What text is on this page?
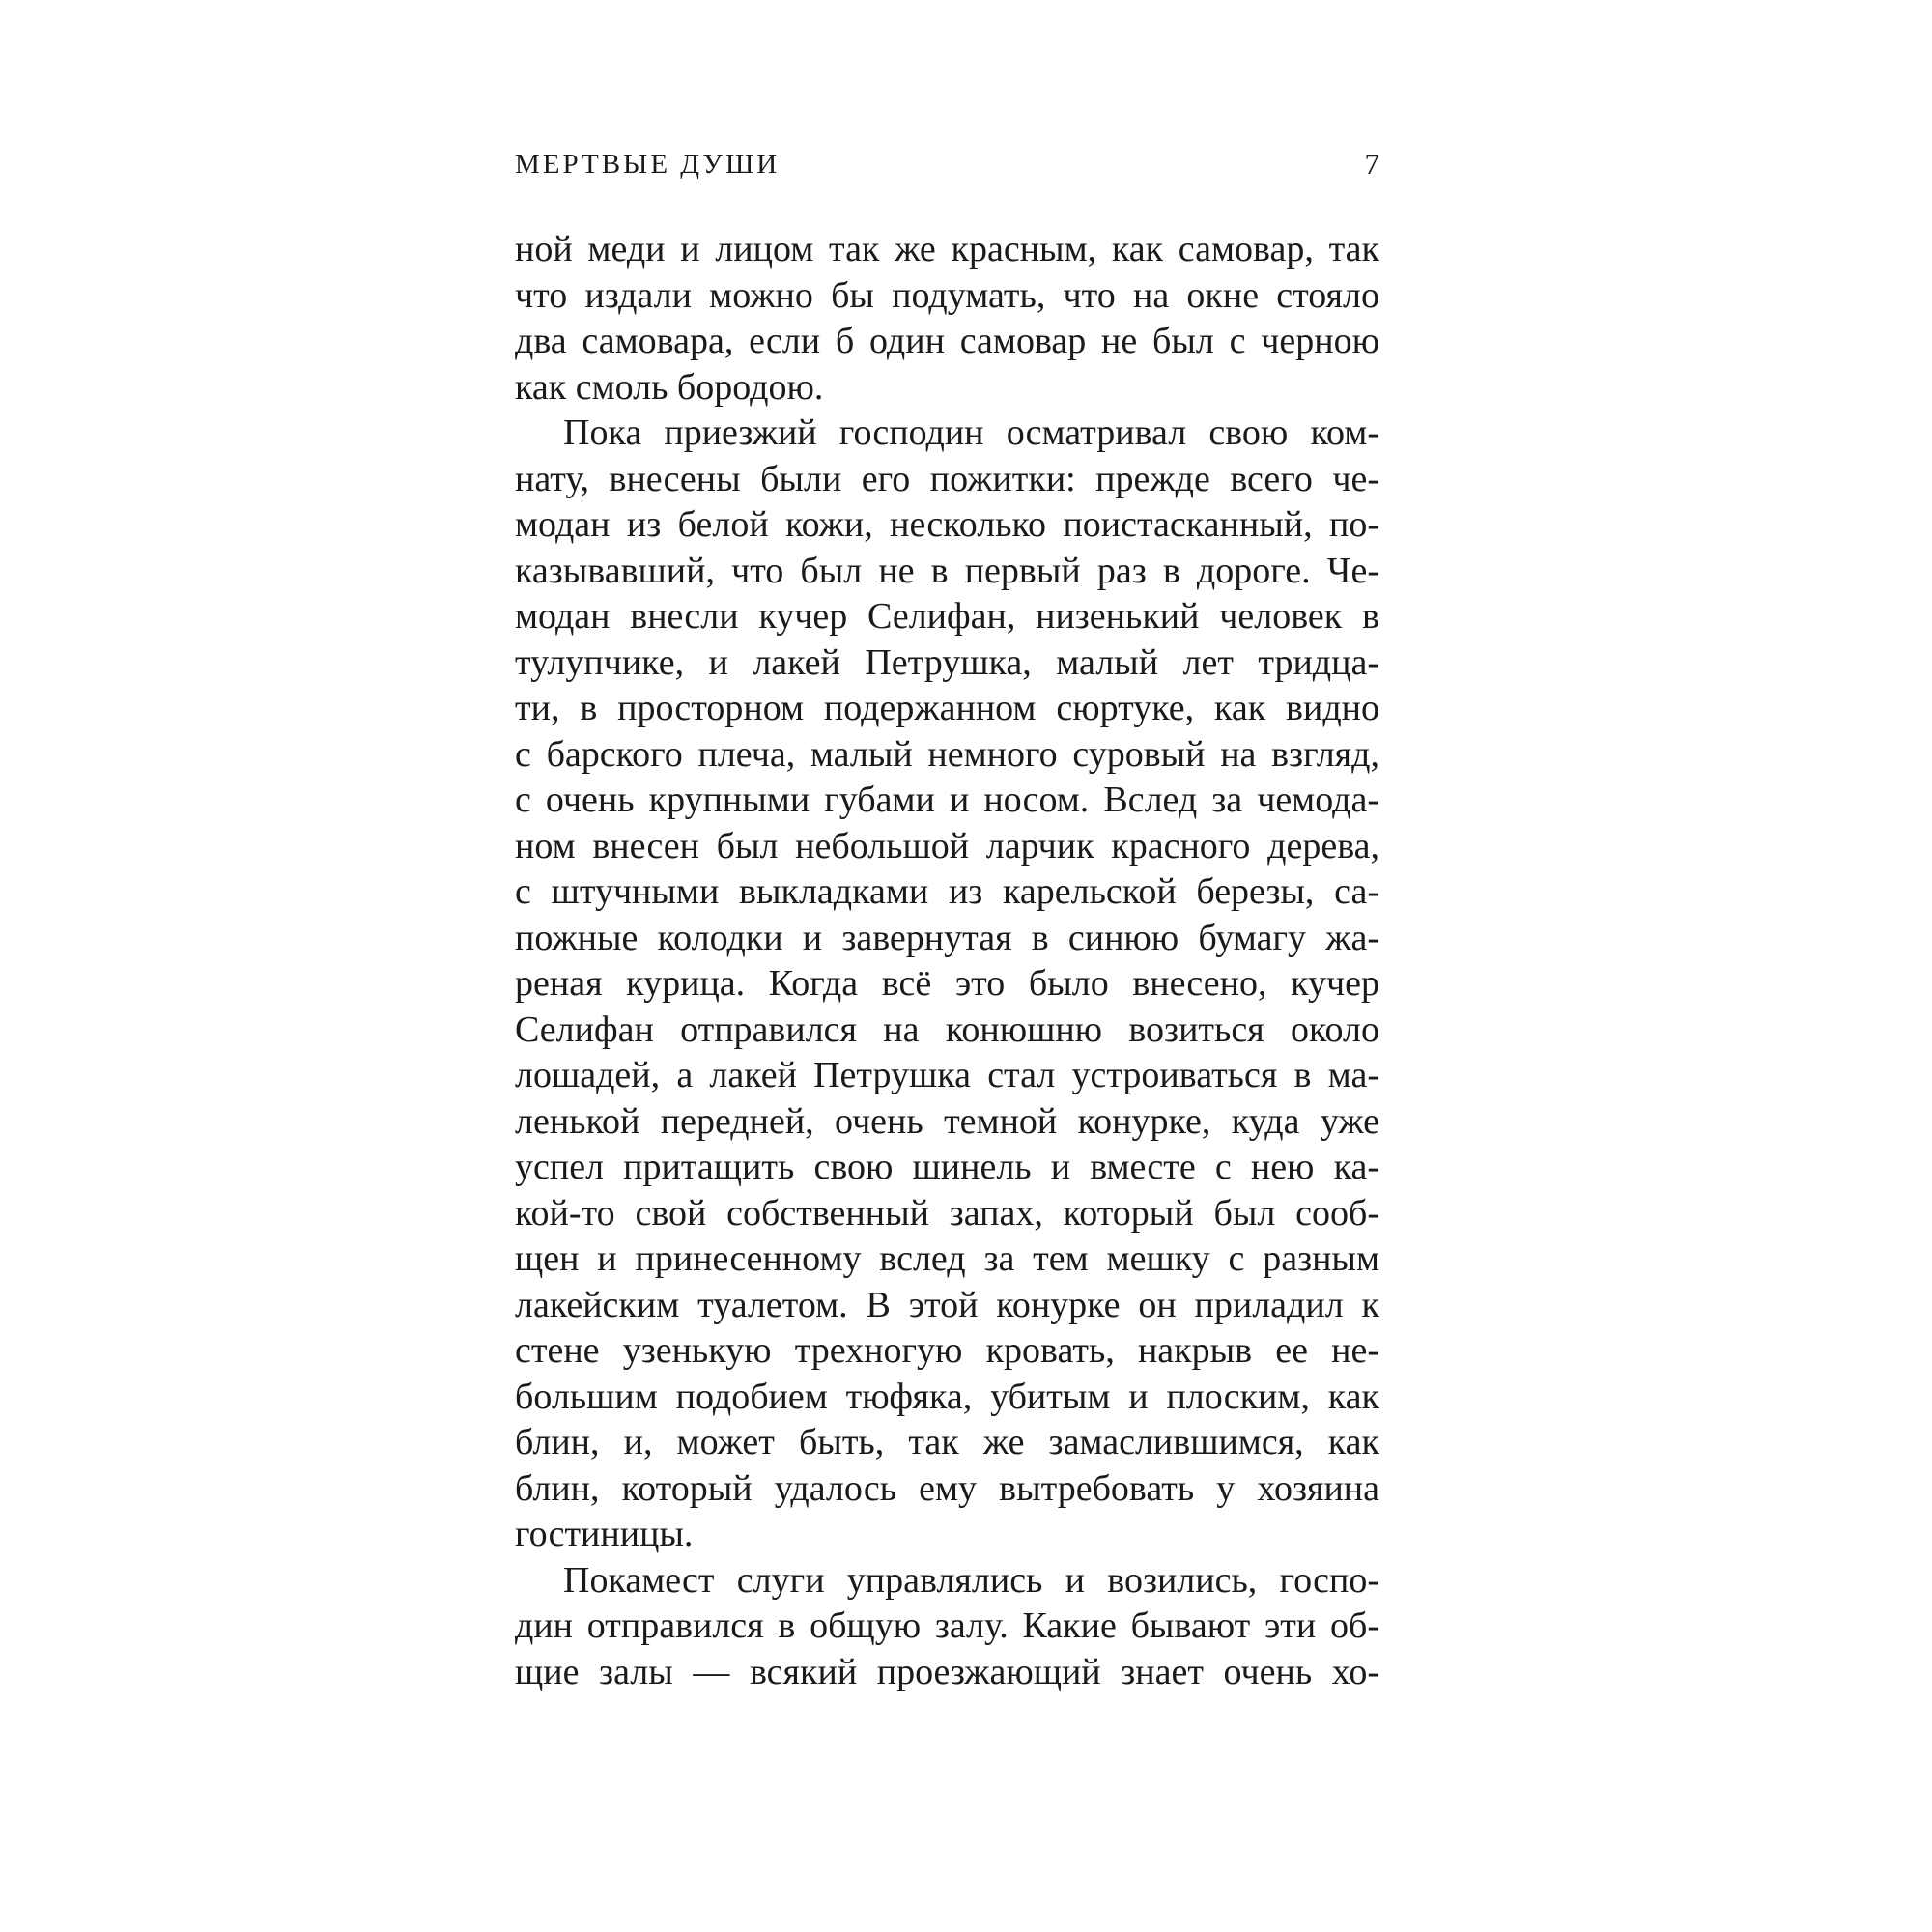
МЕРТВЫЕ ДУШИ	7
ной меди и лицом так же красным, как самовар, так
что издали можно бы подумать, что на окне стояло
два самовара, если б один самовар не был с черною
как смоль бородою.
Пока приезжий господин осматривал свою ком-
нату, внесены были его пожитки: прежде всего че-
модан из белой кожи, несколько поистасканный, по-
казывавший, что был не в первый раз в дороге. Че-
модан внесли кучер Селифан, низенький человек в
тулупчике, и лакей Петрушка, малый лет тридца-
ти, в просторном подержанном сюртуке, как видно
с барского плеча, малый немного суровый на взгляд,
с очень крупными губами и носом. Вслед за чемода-
ном внесен был небольшой ларчик красного дерева,
с штучными выкладками из карельской березы, са-
пожные колодки и завернутая в синюю бумагу жа-
реная курица. Когда всё это было внесено, кучер
Селифан отправился на конюшню возиться около
лошадей, а лакей Петрушка стал устроиваться в ма-
ленькой передней, очень темной конурке, куда уже
успел притащить свою шинель и вместе с нею ка-
кой-то свой собственный запах, который был сооб-
щен и принесенному вслед за тем мешку с разным
лакейским туалетом. В этой конурке он приладил к
стене узенькую трехногую кровать, накрыв ее не-
большим подобием тюфяка, убитым и плоским, как
блин, и, может быть, так же замаслившимся, как
блин, который удалось ему вытребовать у хозяина
гостиницы.
Покамест слуги управлялись и возились, госпо-
дин отправился в общую залу. Какие бывают эти об-
щие залы — всякий проезжающий знает очень хо-
